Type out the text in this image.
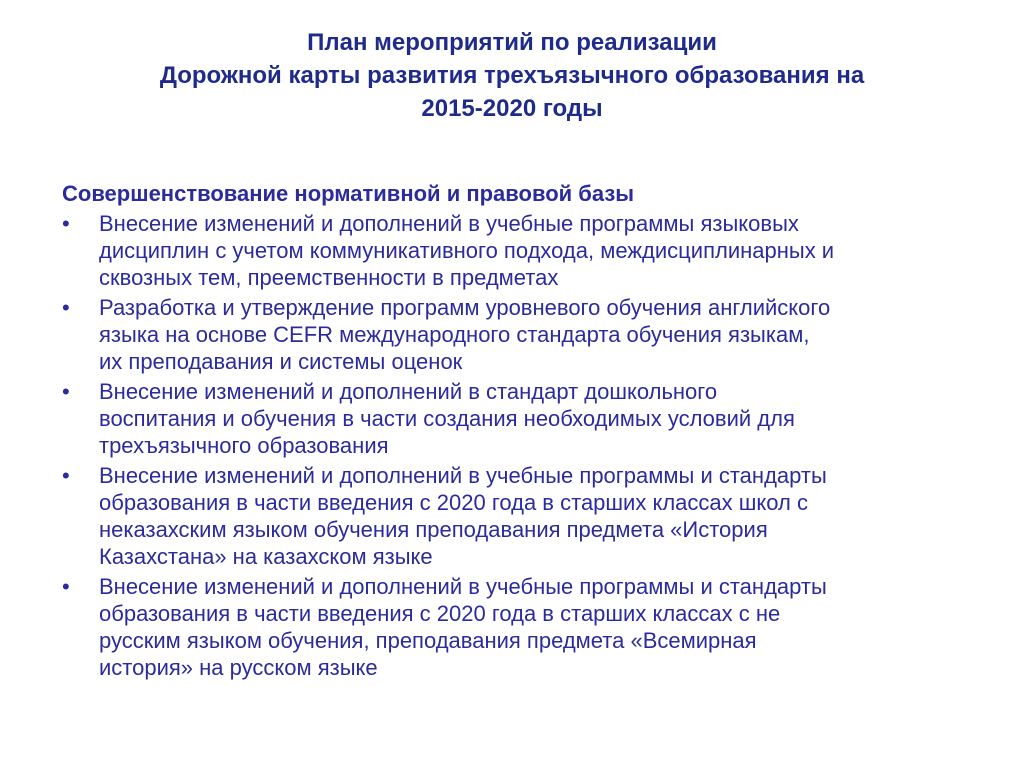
План мероприятий по реализации
Дорожной карты развития трехъязычного образования на
2015-2020 годы
Совершенствование нормативной и правовой базы
• Внесение изменений и дополнений в учебные программы языковых
дисциплин с учетом коммуникативного подхода, междисциплинарных и
сквозных тем, преемственности в предметах
• Разработка и утверждение программ уровневого обучения английского
языка на основе CEFR международного стандарта обучения языкам,
их преподавания и системы оценок
• Внесение изменений и дополнений в стандарт дошкольного
воспитания и обучения в части создания необходимых условий для
трехъязычного образования
• Внесение изменений и дополнений в учебные программы и стандарты
образования в части введения с 2020 года в старших классах школ с
неказахским языком обучения преподавания предмета «История
Казахстана» на казахском языке
• Внесение изменений и дополнений в учебные программы и стандарты
образования в части введения с 2020 года в старших классах с не
русским языком обучения, преподавания предмета «Всемирная
история» на русском языке
